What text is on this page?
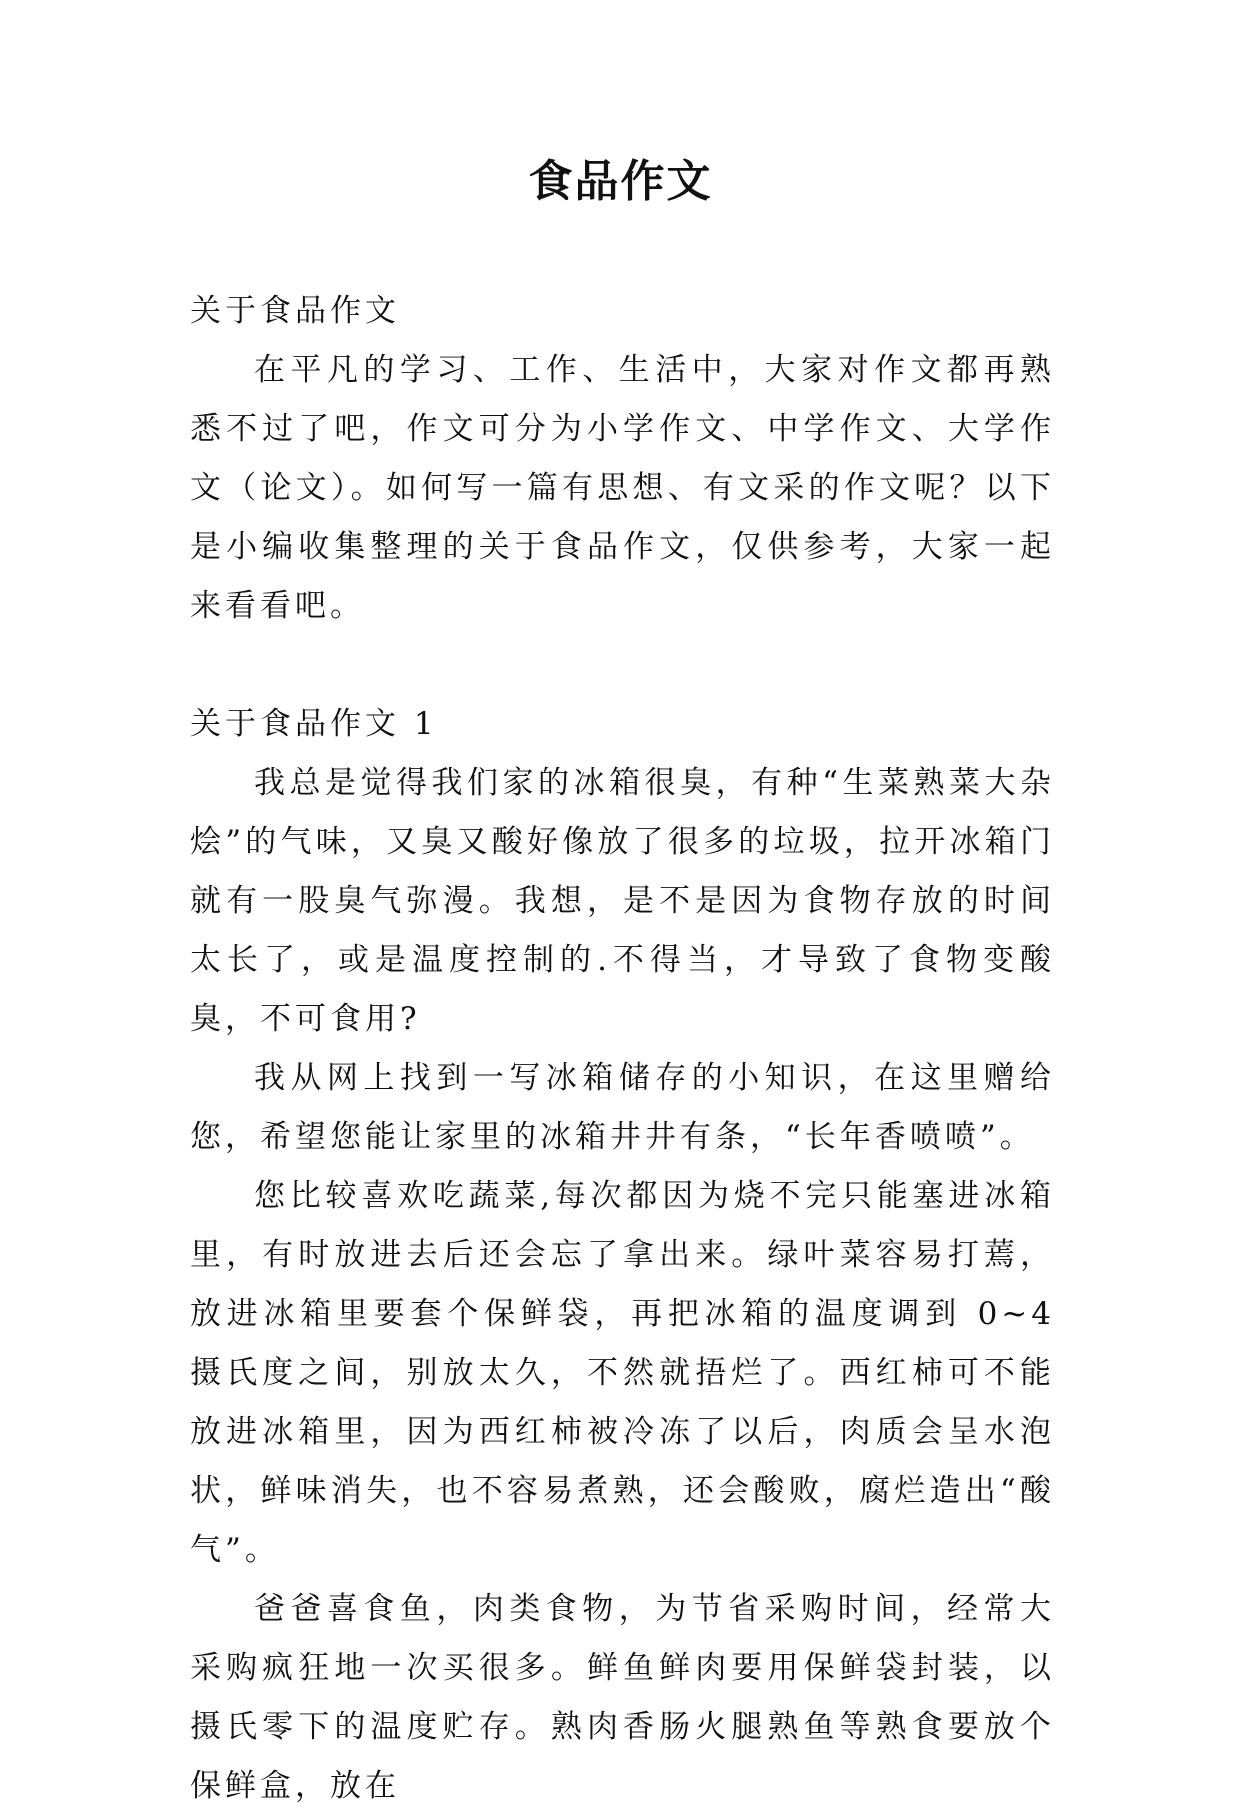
食品作文

关于食品作文

在平凡的学习、工作、生活中，大家对作文都再熟悉不过了吧，作文可分为小学作文、中学作文、大学作文（论文）。如何写一篇有思想、有文采的作文呢？以下是小编收集整理的关于食品作文，仅供参考，大家一起来看看吧。

关于食品作文 1

我总是觉得我们家的冰箱很臭，有种“生菜熟菜大杂烩”的气味，又臭又酸好像放了很多的垃圾，拉开冰箱门就有一股臭气弥漫。我想，是不是因为食物存放的时间太长了，或是温度控制的.不得当，才导致了食物变酸臭，不可食用?

我从网上找到一写冰箱储存的小知识，在这里赠给您，希望您能让家里的冰箱井井有条，“长年香喷喷”。

您比较喜欢吃蔬菜,每次都因为烧不完只能塞进冰箱里，有时放进去后还会忘了拿出来。绿叶菜容易打蔫，放进冰箱里要套个保鲜袋，再把冰箱的温度调到 0~4 摄氏度之间，别放太久，不然就捂烂了。西红柿可不能放进冰箱里，因为西红柿被冷冻了以后，肉质会呈水泡状，鲜味消失，也不容易煮熟，还会酸败，腐烂造出“酸气”。

爸爸喜食鱼，肉类食物，为节省采购时间，经常大采购疯狂地一次买很多。鲜鱼鲜肉要用保鲜袋封装，以摄氏零下的温度贮存。熟肉香肠火腿熟鱼等熟食要放个保鲜盒，放在
